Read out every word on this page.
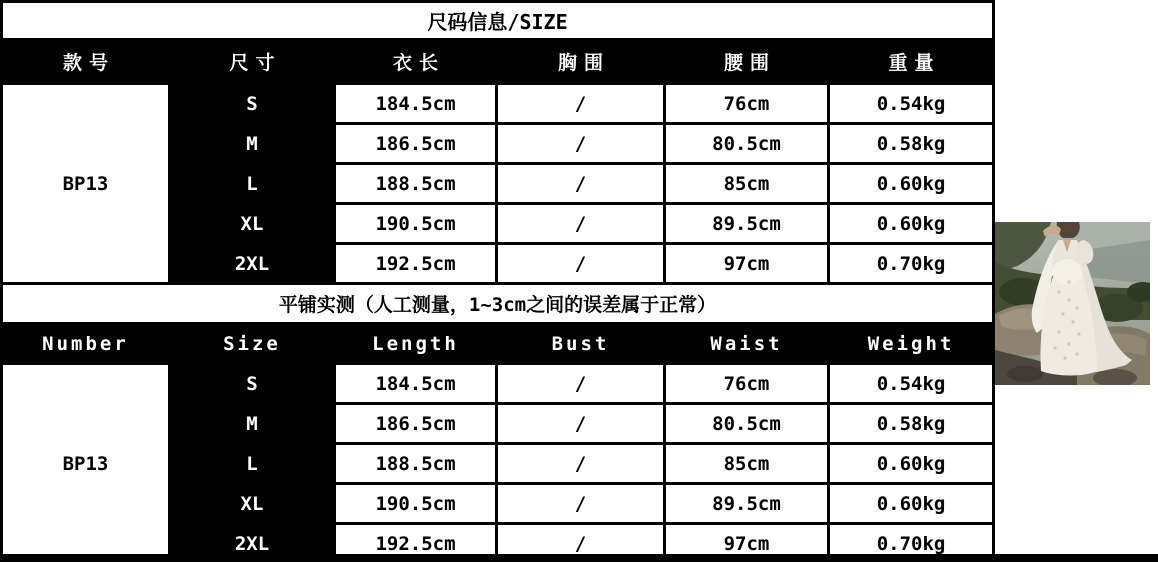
尺码信息/SIZE					
款号	尺寸	衣长	胸围	腰围	重量
BP13	S	184.5cm	/	76cm	0.54kg
	M	186.5cm	/	80.5cm	0.58kg
	L	188.5cm	/	85cm	0.60kg
	XL	190.5cm	/	89.5cm	0.60kg
	2XL	192.5cm	/	97cm	0.70kg
平铺实测（人工测量，1~3cm之间的误差属于正常）					
Number	Size	Length	Bust	Waist	Weight
BP13	S	184.5cm	/	76cm	0.54kg
	M	186.5cm	/	80.5cm	0.58kg
	L	188.5cm	/	85cm	0.60kg
	XL	190.5cm	/	89.5cm	0.60kg
	2XL	192.5cm	/	97cm	0.70kg
